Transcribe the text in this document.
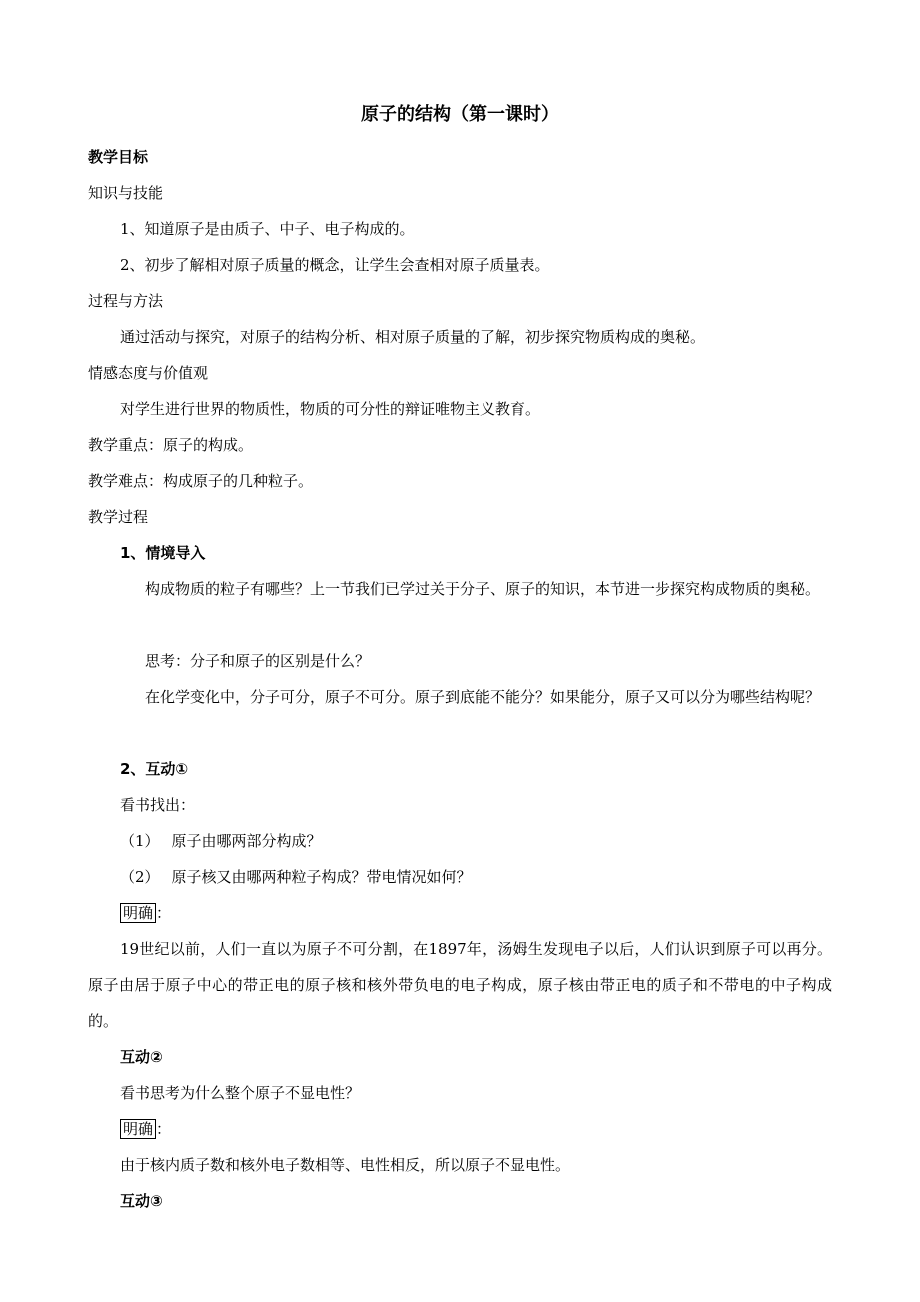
原子的结构（第一课时）
教学目标
知识与技能
1、知道原子是由质子、中子、电子构成的。
2、初步了解相对原子质量的概念，让学生会查相对原子质量表。
过程与方法
通过活动与探究，对原子的结构分析、相对原子质量的了解，初步探究物质构成的奥秘。
情感态度与价值观
对学生进行世界的物质性，物质的可分性的辩证唯物主义教育。
教学重点：原子的构成。
教学难点：构成原子的几种粒子。
教学过程
1、情境导入
构成物质的粒子有哪些？上一节我们已学过关于分子、原子的知识，本节进一步探究构成物质的奥秘。
思考：分子和原子的区别是什么？
在化学变化中，分子可分，原子不可分。原子到底能不能分？如果能分，原子又可以分为哪些结构呢？
2、互动①
看书找出：
（1） 原子由哪两部分构成？
（2） 原子核又由哪两种粒子构成？带电情况如何？
明确 ：
19世纪以前，人们一直以为原子不可分割，在1897年，汤姆生发现电子以后，人们认识到原子可以再分。原子由居于原子中心的带正电的原子核和核外带负电的电子构成，原子核由带正电的质子和不带电的中子构成的。
互动②
看书思考为什么整个原子不显电性？
明确 ：
由于核内质子数和核外电子数相等、电性相反，所以原子不显电性。
互动③
